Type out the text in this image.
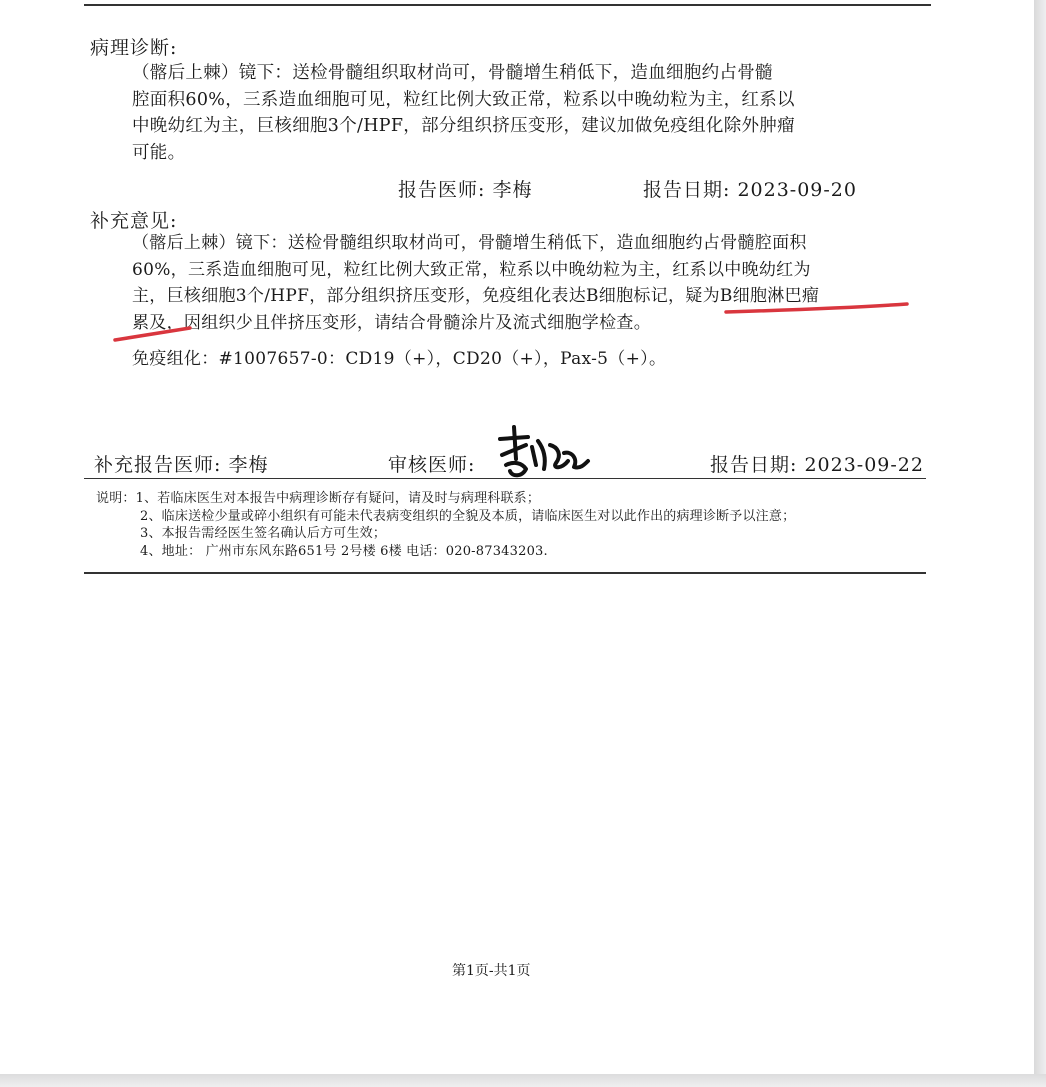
病理诊断:
（髂后上棘）镜下：送检骨髓组织取材尚可，骨髓增生稍低下，造血细胞约占骨髓
腔面积60%，三系造血细胞可见，粒红比例大致正常，粒系以中晚幼粒为主，红系以
中晚幼红为主，巨核细胞3个/HPF，部分组织挤压变形，建议加做免疫组化除外肿瘤
可能。
报告医师: 李梅	报告日期: 2023-09-20
补充意见:
（髂后上棘）镜下：送检骨髓组织取材尚可，骨髓增生稍低下，造血细胞约占骨髓腔面积
60%，三系造血细胞可见，粒红比例大致正常，粒系以中晚幼粒为主，红系以中晚幼红为
主，巨核细胞3个/HPF，部分组织挤压变形，免疫组化表达B细胞标记，疑为B细胞淋巴瘤
累及，因组织少且伴挤压变形，请结合骨髓涂片及流式细胞学检查。
免疫组化：#1007657-0：CD19（+），CD20（+），Pax-5（+）。
补充报告医师: 李梅	审核医师:	报告日期: 2023-09-22
说明：1、若临床医生对本报告中病理诊断存有疑问，请及时与病理科联系；
2、临床送检少量或碎小组织有可能未代表病变组织的全貌及本质，请临床医生对以此作出的病理诊断予以注意；
3、本报告需经医生签名确认后方可生效；
4、地址： 广州市东风东路651号 2号楼 6楼 电话：020-87343203.
第1页-共1页
